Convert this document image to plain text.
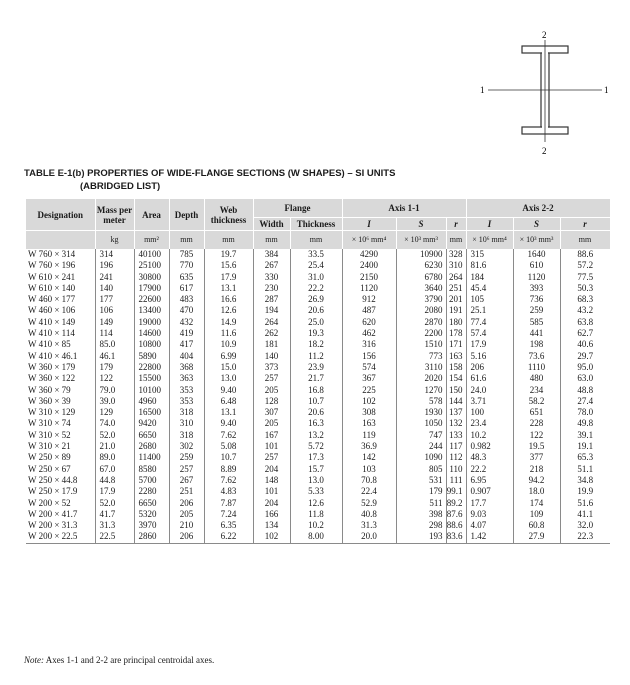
2
2
1	1
TABLE E-1(b) PROPERTIES OF WIDE-FLANGE SECTIONS (W SHAPES) – SI UNITS
(ABRIDGED LIST)
Designation	Mass per meter	Area	Depth	Web thickness	Flange		Axis 1-1			Axis 2-2		
					Width	Thickness	I	S	r	I	S	r
	kg	mm²	mm	mm	mm	mm	× 10⁶ mm⁴	× 10³ mm³	mm	× 10⁶ mm⁴	× 10³ mm³	mm
W 760 × 314	314	40100	785	19.7	384	33.5	4290	10900	328	315	1640	88.6
W 760 × 196	196	25100	770	15.6	267	25.4	2400	6230	310	81.6	610	57.2
W 610 × 241	241	30800	635	17.9	330	31.0	2150	6780	264	184	1120	77.5
W 610 × 140	140	17900	617	13.1	230	22.2	1120	3640	251	45.4	393	50.3
W 460 × 177	177	22600	483	16.6	287	26.9	912	3790	201	105	736	68.3
W 460 × 106	106	13400	470	12.6	194	20.6	487	2080	191	25.1	259	43.2
W 410 × 149	149	19000	432	14.9	264	25.0	620	2870	180	77.4	585	63.8
W 410 × 114	114	14600	419	11.6	262	19.3	462	2200	178	57.4	441	62.7
W 410 × 85	85.0	10800	417	10.9	181	18.2	316	1510	171	17.9	198	40.6
W 410 × 46.1	46.1	5890	404	6.99	140	11.2	156	773	163	5.16	73.6	29.7
W 360 × 179	179	22800	368	15.0	373	23.9	574	3110	158	206	1110	95.0
W 360 × 122	122	15500	363	13.0	257	21.7	367	2020	154	61.6	480	63.0
W 360 × 79	79.0	10100	353	9.40	205	16.8	225	1270	150	24.0	234	48.8
W 360 × 39	39.0	4960	353	6.48	128	10.7	102	578	144	3.71	58.2	27.4
W 310 × 129	129	16500	318	13.1	307	20.6	308	1930	137	100	651	78.0
W 310 × 74	74.0	9420	310	9.40	205	16.3	163	1050	132	23.4	228	49.8
W 310 × 52	52.0	6650	318	7.62	167	13.2	119	747	133	10.2	122	39.1
W 310 × 21	21.0	2680	302	5.08	101	5.72	36.9	244	117	0.982	19.5	19.1
W 250 × 89	89.0	11400	259	10.7	257	17.3	142	1090	112	48.3	377	65.3
W 250 × 67	67.0	8580	257	8.89	204	15.7	103	805	110	22.2	218	51.1
W 250 × 44.8	44.8	5700	267	7.62	148	13.0	70.8	531	111	6.95	94.2	34.8
W 250 × 17.9	17.9	2280	251	4.83	101	5.33	22.4	179	99.1	0.907	18.0	19.9
W 200 × 52	52.0	6650	206	7.87	204	12.6	52.9	511	89.2	17.7	174	51.6
W 200 × 41.7	41.7	5320	205	7.24	166	11.8	40.8	398	87.6	9.03	109	41.1
W 200 × 31.3	31.3	3970	210	6.35	134	10.2	31.3	298	88.6	4.07	60.8	32.0
W 200 × 22.5	22.5	2860	206	6.22	102	8.00	20.0	193	83.6	1.42	27.9	22.3
Note: Axes 1-1 and 2-2 are principal centroidal axes.
